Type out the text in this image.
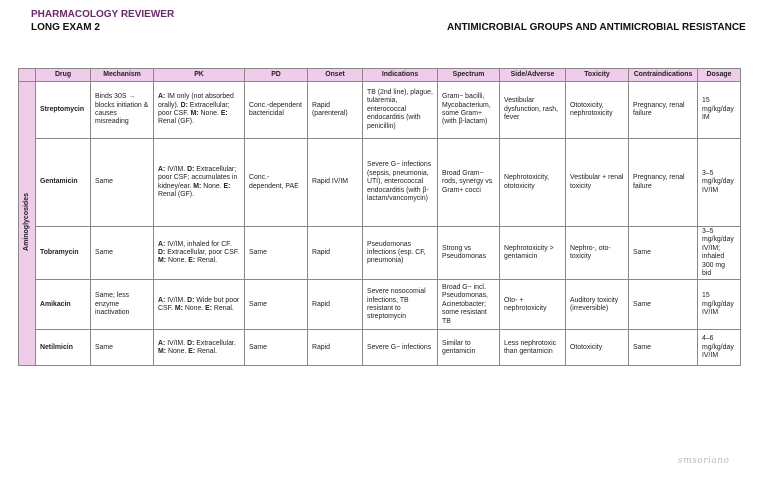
PHARMACOLOGY REVIEWER
LONG EXAM 2	ANTIMICROBIAL GROUPS AND ANTIMICROBIAL RESISTANCE
	Drug	Mechanism	PK	PD	Onset	Indications	Spectrum	Side/Adverse	Toxicity	Contraindications	Dosage
Aminoglycosides	Streptomycin	Binds 30S → blocks initiation & causes misreading	A: IM only (not absorbed orally). D: Extracellular; poor CSF. M: None. E: Renal (GF).	Conc.-dependent bactericidal	Rapid (parenteral)	TB (2nd line), plague, tularemia, enterococcal endocarditis (with penicillin)	Gram− bacilli, Mycobacterium, some Gram+ (with β-lactam)	Vestibular dysfunction, rash, fever	Ototoxicity, nephrotoxicity	Pregnancy, renal failure	15 mg/kg/day IM
	Gentamicin	Same	A: IV/IM. D: Extracellular; poor CSF; accumulates in kidney/ear. M: None. E: Renal (GF).	Conc.-dependent, PAE	Rapid IV/IM	Severe G− infections (sepsis, pneumonia, UTI), enterococcal endocarditis (with β-lactam/vancomycin)	Broad Gram− rods, synergy vs Gram+ cocci	Nephrotoxicity, ototoxicity	Vestibular + renal toxicity	Pregnancy, renal failure	3–5 mg/kg/day IV/IM
	Tobramycin	Same	A: IV/IM, inhaled for CF. D: Extracellular, poor CSF. M: None. E: Renal.	Same	Rapid	Pseudomonas infections (esp. CF, pneumonia)	Strong vs Pseudomonas	Nephrotoxicity > gentamicin	Nephro-, oto-toxicity	Same	3–5 mg/kg/day IV/IM; inhaled 300 mg bid
	Amikacin	Same; less enzyme inactivation	A: IV/IM. D: Wide but poor CSF. M: None. E: Renal.	Same	Rapid	Severe nosocomial infections, TB resistant to streptomycin	Broad G− incl. Pseudomonas, Acinetobacter; some resistant TB	Oto- + nephrotoxicity	Auditory toxicity (irreversible)	Same	15 mg/kg/day IV/IM
	Netilmicin	Same	A: IV/IM. D: Extracellular. M: None. E: Renal.	Same	Rapid	Severe G− infections	Similar to gentamicin	Less nephrotoxic than gentamicin	Ototoxicity	Same	4–6 mg/kg/day IV/IM
smsoriano
